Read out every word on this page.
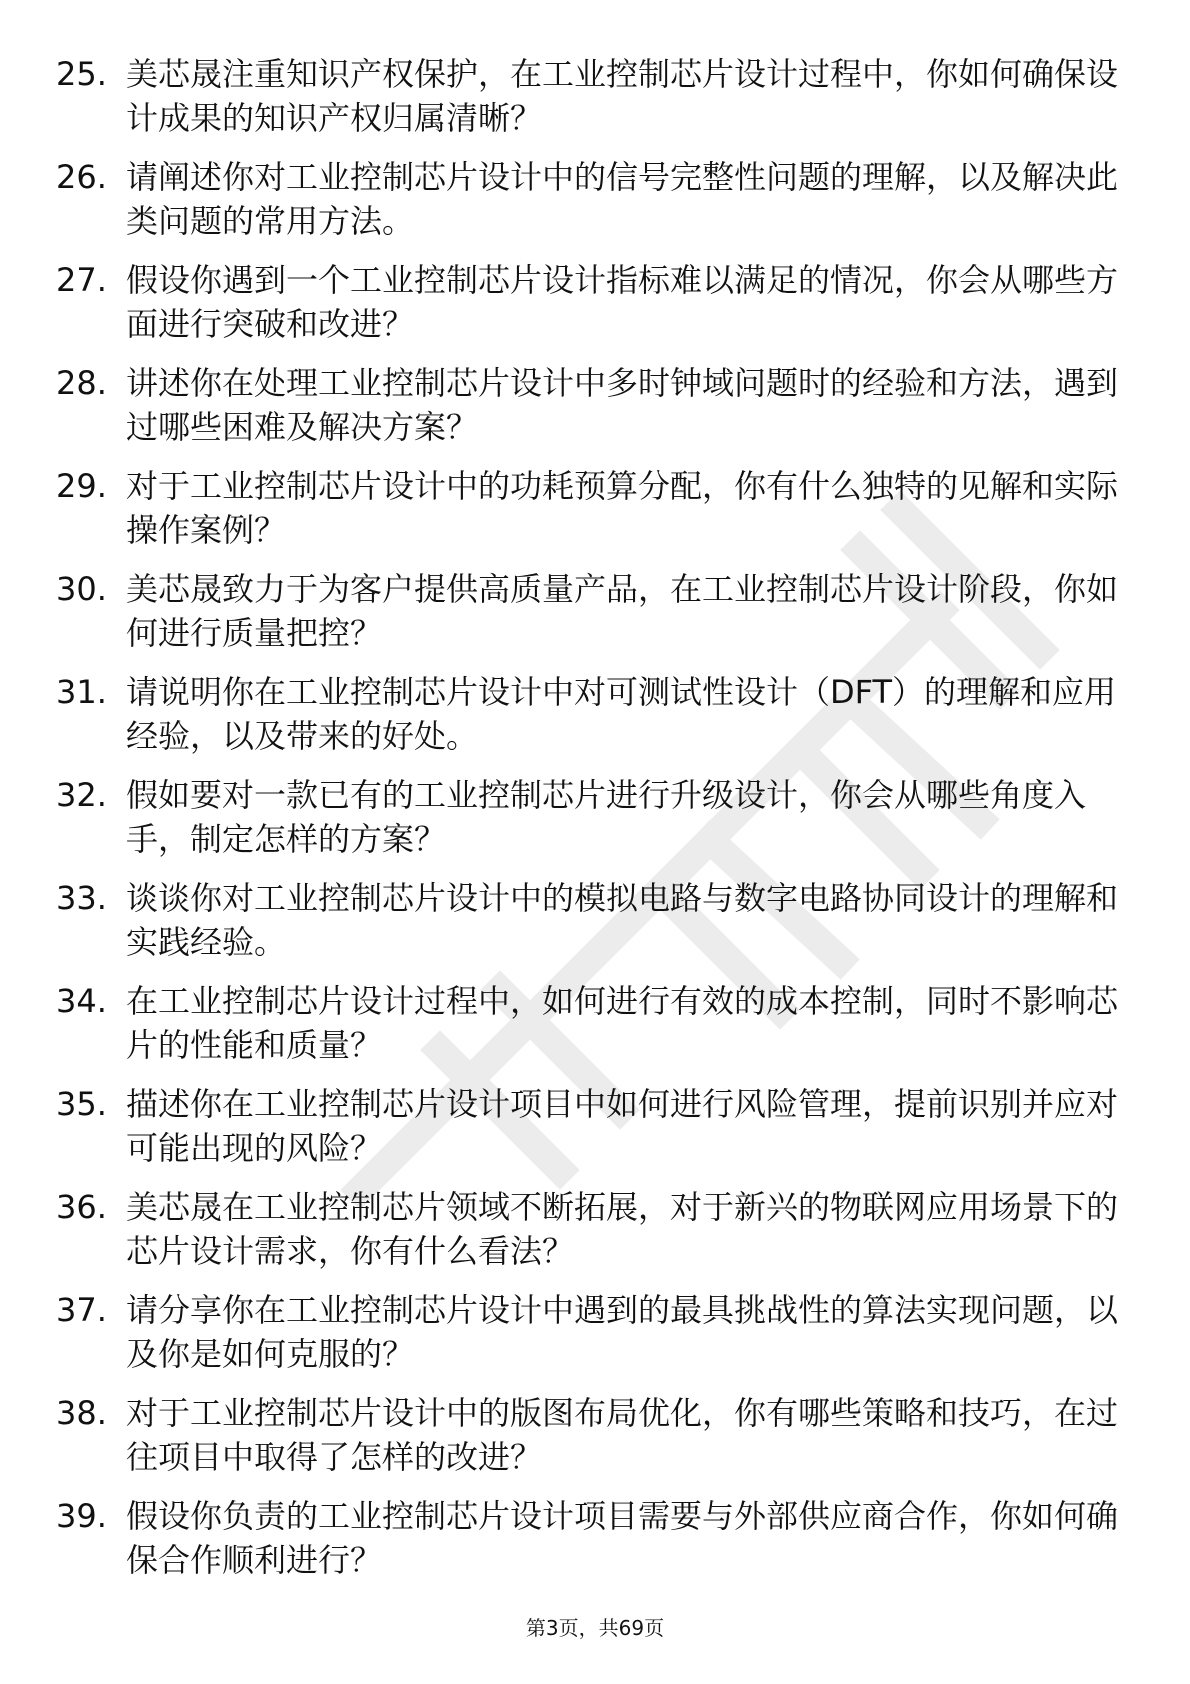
25. 美芯晟注重知识产权保护，在工业控制芯片设计过程中，你如何确保设计成果的知识产权归属清晰？
26. 请阐述你对工业控制芯片设计中的信号完整性问题的理解，以及解决此类问题的常用方法。
27. 假设你遇到一个工业控制芯片设计指标难以满足的情况，你会从哪些方面进行突破和改进？
28. 讲述你在处理工业控制芯片设计中多时钟域问题时的经验和方法，遇到过哪些困难及解决方案？
29. 对于工业控制芯片设计中的功耗预算分配，你有什么独特的见解和实际操作案例？
30. 美芯晟致力于为客户提供高质量产品，在工业控制芯片设计阶段，你如何进行质量把控？
31. 请说明你在工业控制芯片设计中对可测试性设计（DFT）的理解和应用经验，以及带来的好处。
32. 假如要对一款已有的工业控制芯片进行升级设计，你会从哪些角度入手，制定怎样的方案？
33. 谈谈你对工业控制芯片设计中的模拟电路与数字电路协同设计的理解和实践经验。
34. 在工业控制芯片设计过程中，如何进行有效的成本控制，同时不影响芯片的性能和质量？
35. 描述你在工业控制芯片设计项目中如何进行风险管理，提前识别并应对可能出现的风险？
36. 美芯晟在工业控制芯片领域不断拓展，对于新兴的物联网应用场景下的芯片设计需求，你有什么看法？
37. 请分享你在工业控制芯片设计中遇到的最具挑战性的算法实现问题，以及你是如何克服的？
38. 对于工业控制芯片设计中的版图布局优化，你有哪些策略和技巧，在过往项目中取得了怎样的改进？
39. 假设你负责的工业控制芯片设计项目需要与外部供应商合作，你如何确保合作顺利进行？
第3页，共69页
